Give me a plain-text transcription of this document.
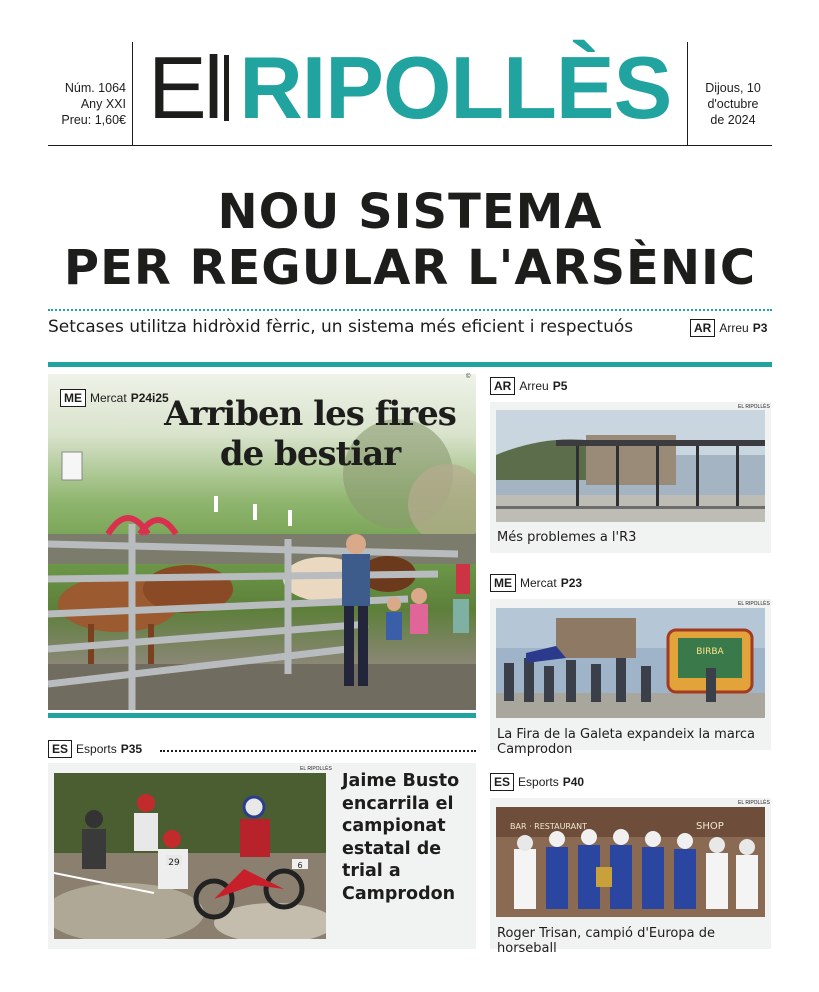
Núm. 1064
Any XXI
Preu: 1,60€ El RIPOLLÈS	Dijous, 10
d'octubre
de 2024
NOU SISTEMA
PER REGULAR L'ARSÈNIC
Setcases utilitza hidròxid fèrric, un sistema més eficient i respectuós	AR Arreu P3
ME Mercat P24i25
©
Arriben les fires
de bestiar
AR Arreu P5
EL RIPOLLÈS
Més problemes a l'R3
ME Mercat P23
BIRBA
EL RIPOLLÈS
La Fira de la Galeta expandeix la marca Camprodon
ES Esports P40
BAR · RESTAURANT	SHOP
EL RIPOLLÈS
Roger Trisan, campió d'Europa de horseball
ES Esports P35
29	6
EL RIPOLLÈS
Jaime Busto encarrila el campionat estatal de trial a Camprodon
